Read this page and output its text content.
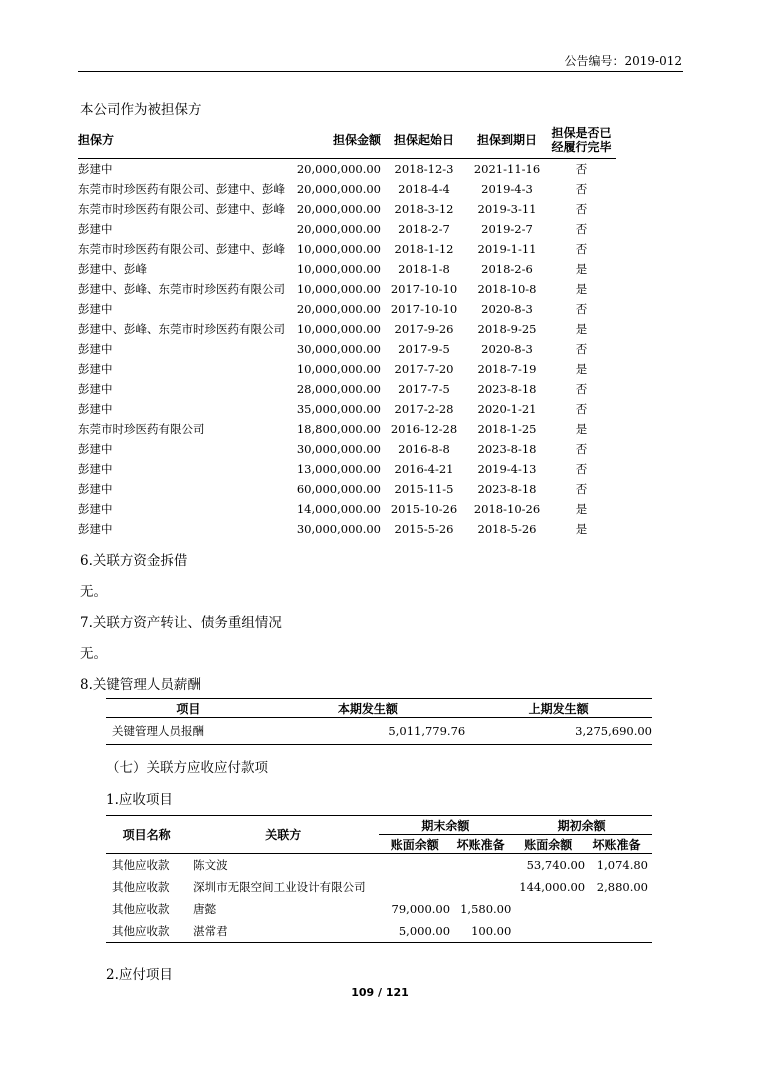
公告编号：2019-012
本公司作为被担保方
担保方	担保金额	担保起始日	担保到期日	担保是否已经履行完毕
彭建中	20,000,000.00	2018-12-3	2021-11-16	否
东莞市时珍医药有限公司、彭建中、彭峰	20,000,000.00	2018-4-4	2019-4-3	否
东莞市时珍医药有限公司、彭建中、彭峰	20,000,000.00	2018-3-12	2019-3-11	否
彭建中	20,000,000.00	2018-2-7	2019-2-7	否
东莞市时珍医药有限公司、彭建中、彭峰	10,000,000.00	2018-1-12	2019-1-11	否
彭建中、彭峰	10,000,000.00	2018-1-8	2018-2-6	是
彭建中、彭峰、东莞市时珍医药有限公司	10,000,000.00	2017-10-10	2018-10-8	是
彭建中	20,000,000.00	2017-10-10	2020-8-3	否
彭建中、彭峰、东莞市时珍医药有限公司	10,000,000.00	2017-9-26	2018-9-25	是
彭建中	30,000,000.00	2017-9-5	2020-8-3	否
彭建中	10,000,000.00	2017-7-20	2018-7-19	是
彭建中	28,000,000.00	2017-7-5	2023-8-18	否
彭建中	35,000,000.00	2017-2-28	2020-1-21	否
东莞市时珍医药有限公司	18,800,000.00	2016-12-28	2018-1-25	是
彭建中	30,000,000.00	2016-8-8	2023-8-18	否
彭建中	13,000,000.00	2016-4-21	2019-4-13	否
彭建中	60,000,000.00	2015-11-5	2023-8-18	否
彭建中	14,000,000.00	2015-10-26	2018-10-26	是
彭建中	30,000,000.00	2015-5-26	2018-5-26	是
6.关联方资金拆借
无。
7.关联方资产转让、债务重组情况
无。
8.关键管理人员薪酬
项目	本期发生额	上期发生额
关键管理人员报酬	5,011,779.76	3,275,690.00
（七）关联方应收应付款项
1.应收项目
项目名称	关联方	期末余额		期初余额	
		账面余额	坏账准备	账面余额	坏账准备
其他应收款	陈文波			53,740.00	1,074.80
其他应收款	深圳市无限空间工业设计有限公司			144,000.00	2,880.00
其他应收款	唐懿	79,000.00	1,580.00		
其他应收款	湛常君	5,000.00	100.00		
2.应付项目
109 / 121
